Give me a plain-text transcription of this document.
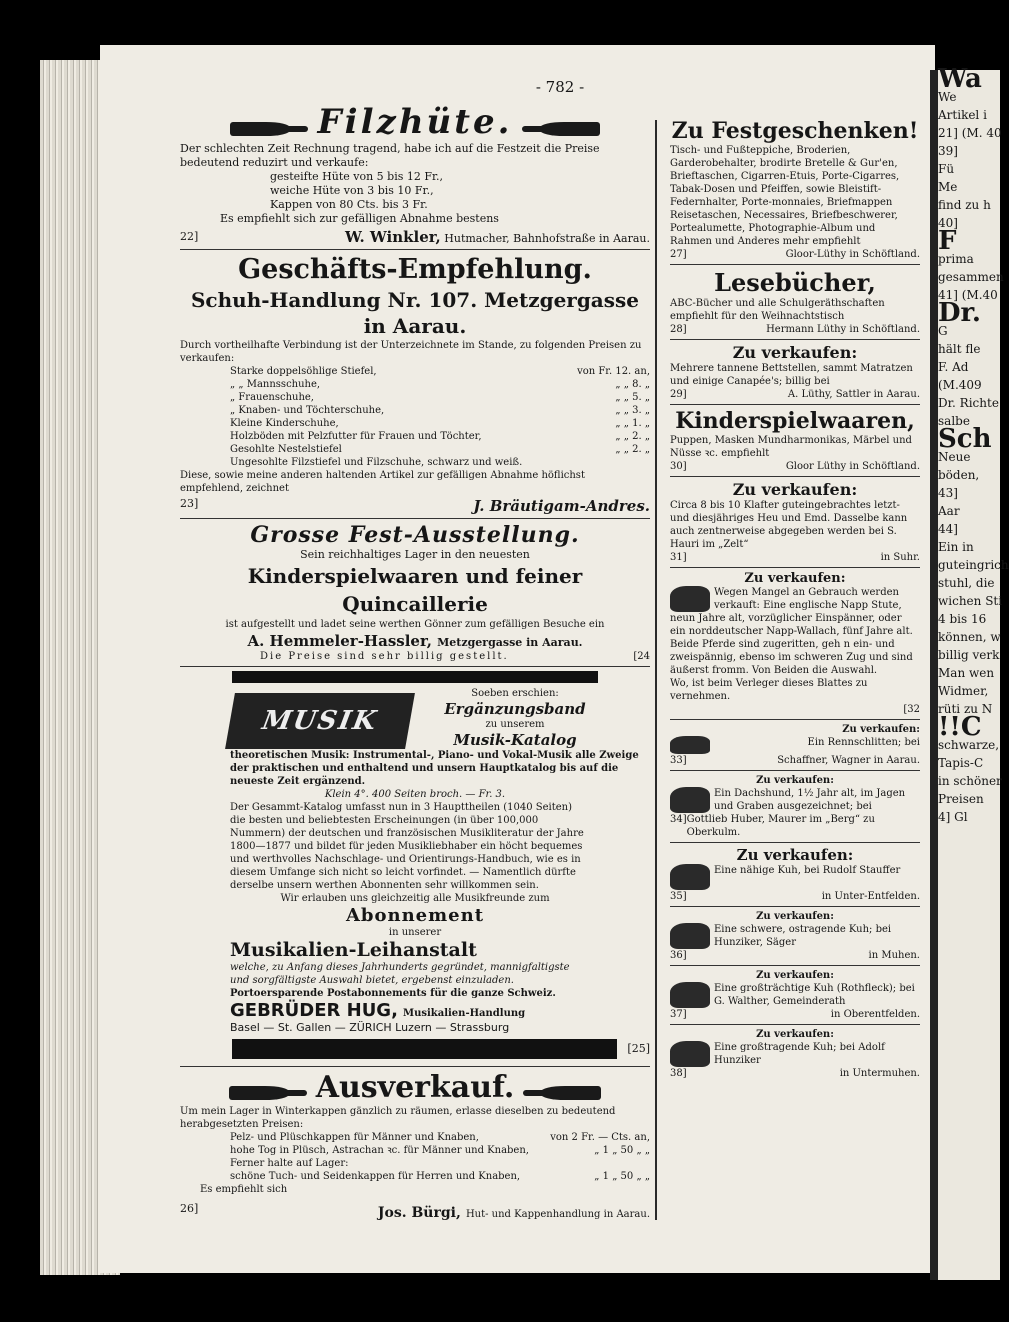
Wa
We
Artikel i
21] (M. 40
39]
Fü
Me
find zu h
40]
F
prima
gesammen
41] (M.40
Dr.
G
hält fle
F. Ad
(M.409
Dr. Richte
salbe
Sch
Neue
böden,
43]
Aar
44]
Ein in
guteingrich
stuhl, die
wichen Sti
4 bis 16
können, w
billig verk
Man wen
Widmer,
rüti zu N
!!C
schwarze,
Tapis-C
in schöner
Preisen
4] Gl
- 782 -
Filzhüte.

Der schlechten Zeit Rechnung tragend, habe ich auf die Festzeit die Preise bedeutend reduzirt und verkaufe:

gesteifte Hüte von 5 bis 12 Fr.,

weiche Hüte von 3 bis 10 Fr.,

Kappen von 80 Cts. bis 3 Fr.

Es empfiehlt sich zur gefälligen Abnahme bestens

22]	W. Winkler, Hutmacher, Bahnhofstraße in Aarau.

Geschäfts-Empfehlung.

Schuh-Handlung Nr. 107. Metzgergasse in Aarau.

Durch vortheilhafte Verbindung ist der Unterzeichnete im Stande, zu folgenden Preisen zu verkaufen:

Starke doppelsöhlige Stiefel,	von Fr. 12. an,
„ „ Mannsschuhe,	„ „ 8. „
„ Frauenschuhe,	„ „ 5. „
„ Knaben- und Töchterschuhe,	„ „ 3. „
Kleine Kinderschuhe,	„ „ 1. „
Holzböden mit Pelzfutter für Frauen und Töchter,	„ „ 2. „
Gesohlte Nestelstiefel	„ „ 2. „
Ungesohlte Filzstiefel und Filzschuhe, schwarz und weiß.

Diese, sowie meine anderen haltenden Artikel zur gefälligen Abnahme höflichst empfehlend, zeichnet

23]	J. Bräutigam-Andres.

Grosse Fest-Ausstellung.

Sein reichhaltiges Lager in den neuesten

Kinderspielwaaren und feiner Quincaillerie

ist aufgestellt und ladet seine werthen Gönner zum gefälligen Besuche ein

A. Hemmeler-Hassler, Metzgergasse in Aarau.

Die Preise sind sehr billig gestellt.	[24
MUSIK

Soeben erschien:

Ergänzungsband

zu unserem

Musik-Katalog

theoretischen Musik: Instrumental-, Piano- und Vokal-Musik alle Zweige der praktischen und enthaltend und unsern Hauptkatalog bis auf die neueste Zeit ergänzend.

Klein 4°. 400 Seiten broch. — Fr. 3.

Der Gesammt-Katalog umfasst nun in 3 Haupttheilen (1040 Seiten) die besten und beliebtesten Erscheinungen (in über 100,000 Nummern) der deutschen und französischen Musikliteratur der Jahre 1800—1877 und bildet für jeden Musikliebhaber ein höcht bequemes und werthvolles Nachschlage- und Orientirungs-Handbuch, wie es in diesem Umfange sich nicht so leicht vorfindet. — Namentlich dürfte derselbe unsern werthen Abonnenten sehr willkommen sein.

Wir erlauben uns gleichzeitig alle Musikfreunde zum

Abonnement

in unserer

Musikalien-Leihanstalt

welche, zu Anfang dieses Jahrhunderts gegründet, mannigfaltigste und sorgfältigste Auswahl bietet, ergebenst einzuladen.

Portoersparende Postabonnements für die ganze Schweiz.

GEBRÜDER HUG, Musikalien-Handlung

Basel — St. Gallen — ZÜRICH Luzern — Strassburg

[25]
Ausverkauf.

Um mein Lager in Winterkappen gänzlich zu räumen, erlasse dieselben zu bedeutend herabgesetzten Preisen:

Pelz- und Plüschkappen für Männer und Knaben,	von 2 Fr. — Cts. an,
hohe Tog in Plüsch, Astrachan ꝛc. für Männer und Knaben,	„ 1 „ 50 „ „
Ferner halte auf Lager:
schöne Tuch- und Seidenkappen für Herren und Knaben,	„ 1 „ 50 „ „

Es empfiehlt sich

26]	Jos. Bürgi, Hut- und Kappenhandlung in Aarau.

Zu Festgeschenken!

Tisch- und Fußteppiche, Broderien, Garderobehalter, brodirte Bretelle & Gur'en, Brieftaschen, Cigarren-Etuis, Porte-Cigarres, Tabak-Dosen und Pfeiffen, sowie Bleistift-Federnhalter, Porte-monnaies, Briefmappen Reisetaschen, Necessaires, Briefbeschwerer, Portealumette, Photographie-Album und Rahmen und Anderes mehr empfiehlt

27]	Gloor-Lüthy in Schöftland.

Lesebücher,

ABC-Bücher und alle Schulgeräthschaften empfiehlt für den Weihnachtstisch

28]	Hermann Lüthy in Schöftland.

Zu verkaufen:

Mehrere tannene Bettstellen, sammt Matratzen und einige Canapée's; billig bei

29]	A. Lüthy, Sattler in Aarau.

Kinderspielwaaren,

Puppen, Masken Mundharmonikas, Märbel und Nüsse ꝛc. empfiehlt

30]	Gloor Lüthy in Schöftland.

Zu verkaufen:

Circa 8 bis 10 Klafter guteingebrachtes letzt- und diesjähriges Heu und Emd. Dasselbe kann auch zentnerweise abgegeben werden bei S. Hauri im „Zelt“

31]	in Suhr.

Zu verkaufen:

Wegen Mangel an Gebrauch werden verkauft: Eine englische Napp Stute, neun Jahre alt, vorzüglicher Einspänner, oder ein norddeutscher Napp-Wallach, fünf Jahre alt. Beide Pferde sind zugeritten, geh n ein- und zweispännig, ebenso im schweren Zug und sind äußerst fromm. Von Beiden die Auswahl.

Wo, ist beim Verleger dieses Blattes zu vernehmen.

[32

Zu verkaufen:

Ein Rennschlitten; bei

33]	Schaffner, Wagner in Aarau.

Zu verkaufen:

Ein Dachshund, 1½ Jahr alt, im Jagen und Graben ausgezeichnet; bei

34] Gottlieb Huber, Maurer im „Berg“ zu Oberkulm.

Zu verkaufen:

Eine nähige Kuh, bei Rudolf Stauffer

35]	in Unter-Entfelden.

Zu verkaufen:

Eine schwere, ostragende Kuh; bei Hunziker, Säger

36]	in Muhen.

Zu verkaufen:

Eine großträchtige Kuh (Rothfleck); bei G. Walther, Gemeinderath

37]	in Oberentfelden.

Zu verkaufen:

Eine großtragende Kuh; bei Adolf Hunziker

38]	in Untermuhen.
